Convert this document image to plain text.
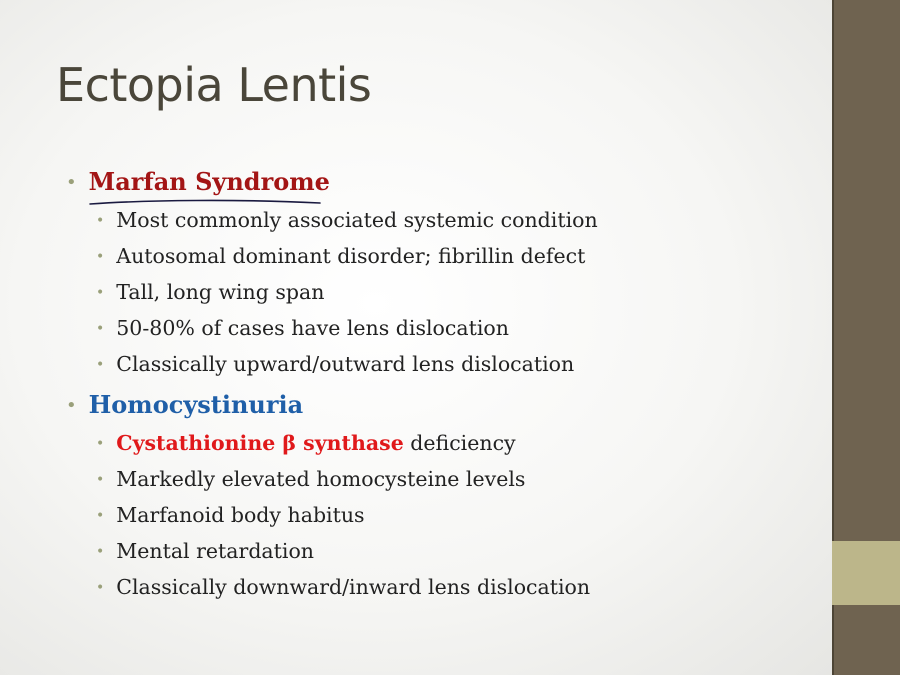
Ectopia Lentis
• Marfan Syndrome
• Most commonly associated systemic condition
• Autosomal dominant disorder; fibrillin defect
• Tall, long wing span
• 50-80% of cases have lens dislocation
• Classically upward/outward lens dislocation
• Homocystinuria
• Cystathionine β synthase deficiency
• Markedly elevated homocysteine levels
• Marfanoid body habitus
• Mental retardation
• Classically downward/inward lens dislocation
